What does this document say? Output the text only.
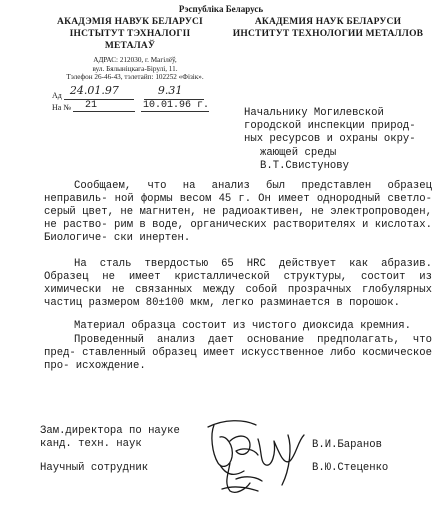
Рэспублiка Беларусь
АКАДЭМIЯ НАВУК БЕЛАРУСI
IНСТЫТУТ ТЭХНАЛОГII МЕТАЛАЎ
АКАДЕМИЯ НАУК БЕЛАРУСИ
ИНСТИТУТ ТЕХНОЛОГИИ МЕТАЛЛОВ
АДРАС: 212030, г. Магiлёў,
вул. Бялыніцкага-Бірулі, 11.
Тэлефон 26-46-43, тэлетайп: 102252 «Фiзiк».
Ад 24.01.97	9.31
На № 21	10.01.96 г.
Начальнику Могилевской
городской инспекции природ-
ных ресурсов и охраны окру-
жающей среды
В.Т.Свистунову

Сообщаем, что на анализ был представлен образец неправиль- ной формы весом 45 г. Он имеет однородный светло-серый цвет, не магнитен, не радиоактивен, не электропроводен, не раство- рим в воде, органических растворителях и кислотах. Биологиче- ски инертен.

На сталь твердостью 65 HRC действует как абразив. Образец не имеет кристаллической структуры, состоит из химически не связанных между собой прозрачных глобулярных частиц размером 80±100 мкм, легко разминается в порошок.

Материал образца состоит из чистого диоксида кремния.

Проведенный анализ дает основание предполагать, что пред- ставленный образец имеет искусственное либо космическое про- исхождение.

Зам.директора по науке
канд. техн. наук	В.И.Баранов
Научный сотрудник	В.Ю.Стеценко
